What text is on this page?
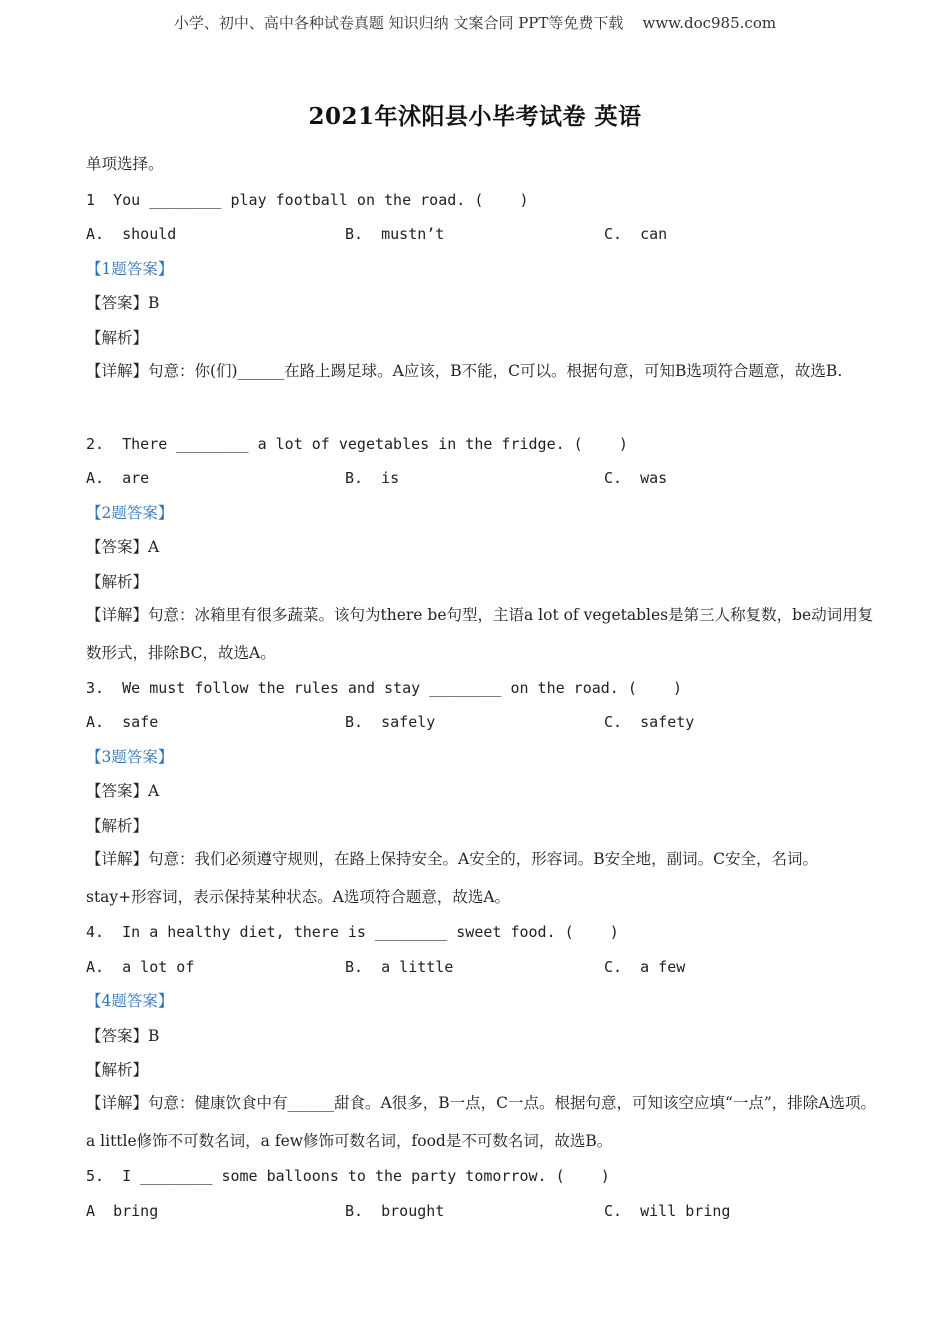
小学、初中、高中各种试卷真题 知识归纳 文案合同 PPT等免费下载    www.doc985.com
2021年沭阳县小毕考试卷 英语
单项选择。
1  You ________ play football on the road. (    )
A.  should	B.  mustn’t	C.  can
【1题答案】
【答案】B
【解析】
【详解】句意：你(们)______在路上踢足球。A应该，B不能，C可以。根据句意，可知B选项符合题意，故选B.
2.  There ________ a lot of vegetables in the fridge. (    )
A.  are	B.  is	C.  was
【2题答案】
【答案】A
【解析】
【详解】句意：冰箱里有很多蔬菜。该句为there be句型，主语a lot of vegetables是第三人称复数，be动词用复数形式，排除BC，故选A。
3.  We must follow the rules and stay ________ on the road. (    )
A.  safe	B.  safely	C.  safety
【3题答案】
【答案】A
【解析】
【详解】句意：我们必须遵守规则，在路上保持安全。A安全的，形容词。B安全地，副词。C安全，名词。stay+形容词，表示保持某种状态。A选项符合题意，故选A。
4.  In a healthy diet, there is ________ sweet food. (    )
A.  a lot of	B.  a little	C.  a few
【4题答案】
【答案】B
【解析】
【详解】句意：健康饮食中有______甜食。A很多，B一点，C一点。根据句意，可知该空应填“一点”，排除A选项。a little修饰不可数名词，a few修饰可数名词，food是不可数名词，故选B。
5.  I ________ some balloons to the party tomorrow. (    )
A  bring	B.  brought	C.  will bring
